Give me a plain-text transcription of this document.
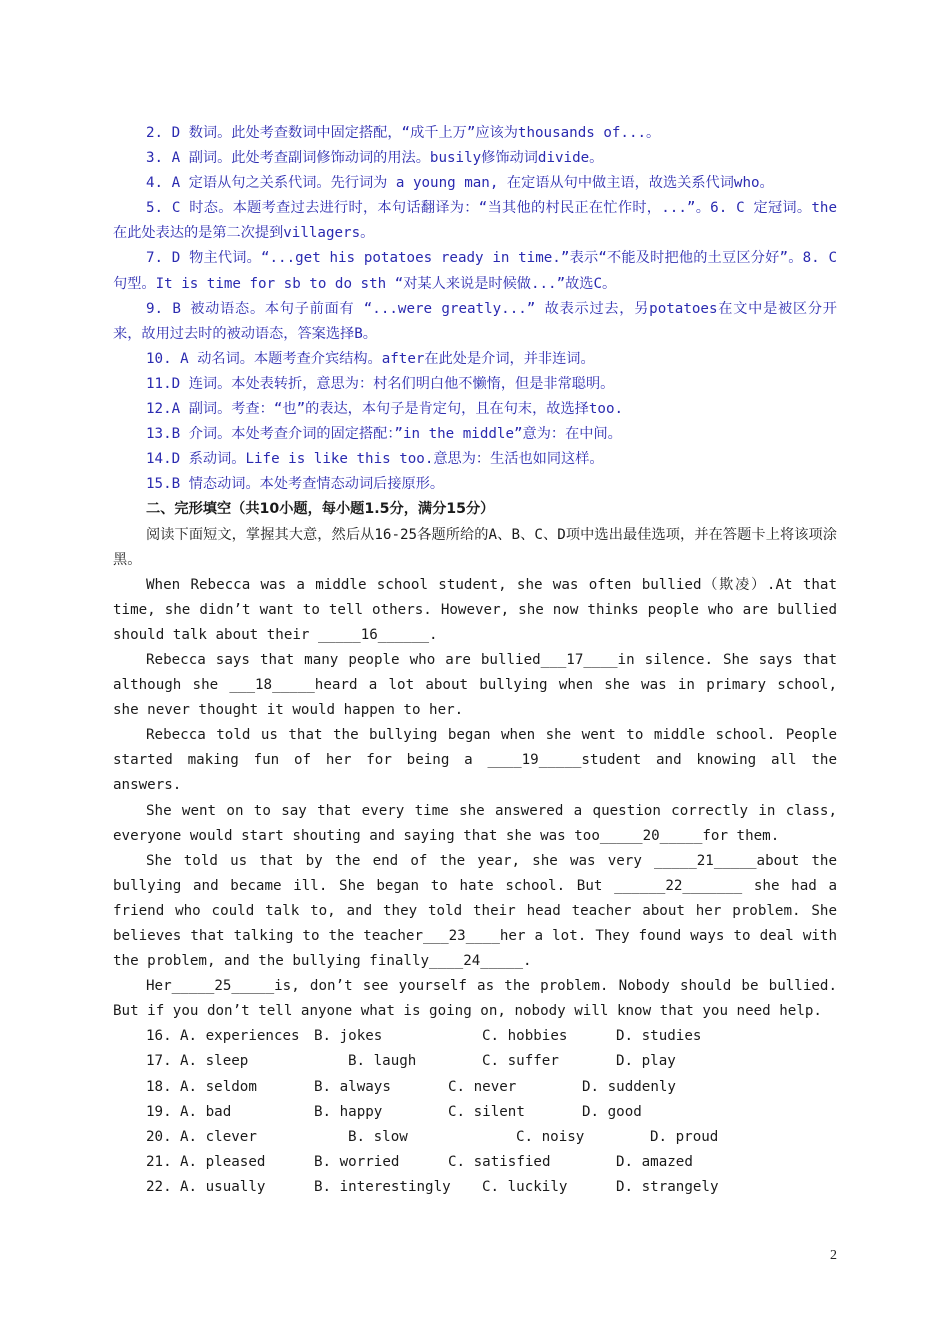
2. D 数词。此处考查数词中固定搭配，“成千上万”应该为thousands of...。

3. A 副词。此处考查副词修饰动词的用法。busily修饰动词divide。

4. A 定语从句之关系代词。先行词为 a young man, 在定语从句中做主语，故选关系代词who。

5. C 时态。本题考查过去进行时，本句话翻译为：“当其他的村民正在忙作时，...”。6. C 定冠词。the在此处表达的是第二次提到villagers。

7. D 物主代词。“...get his potatoes ready in time.”表示“不能及时把他的土豆区分好”。8. C 句型。It is time for sb to do sth “对某人来说是时候做...”故选C。

9. B 被动语态。本句子前面有 “...were greatly...” 故表示过去，另potatoes在文中是被区分开来，故用过去时的被动语态，答案选择B。

10. A 动名词。本题考查介宾结构。after在此处是介词，并非连词。

11.D 连词。本处表转折，意思为：村名们明白他不懒惰，但是非常聪明。

12.A 副词。考查：“也”的表达，本句子是肯定句，且在句末，故选择too.

13.B 介词。本处考查介词的固定搭配：”in the middle”意为：在中间。

14.D 系动词。Life is like this too.意思为：生活也如同这样。

15.B 情态动词。本处考查情态动词后接原形。

二、完形填空（共10小题，每小题1.5分，满分15分）

阅读下面短文，掌握其大意，然后从16-25各题所给的A、B、C、D项中选出最佳选项，并在答题卡上将该项涂黑。

When Rebecca was a middle school student, she was often bullied（欺凌）.At that time, she didn’t want to tell others. However, she now thinks people who are bullied should talk about their _____16______.

Rebecca says that many people who are bullied___17____in silence. She says that although she ___18_____heard a lot about bullying when she was in primary school, she never thought it would happen to her.

Rebecca told us that the bullying began when she went to middle school. People started making fun of her for being a ____19_____student and knowing all the answers.

She went on to say that every time she answered a question correctly in class, everyone would start shouting and saying that she was too_____20_____for them.

She told us that by the end of the year, she was very _____21_____about the bullying and became ill. She began to hate school. But ______22_______ she had a friend who could talk to, and they told their head teacher about her problem. She believes that talking to the teacher___23____her a lot. They found ways to deal with the problem, and the bullying finally____24_____.

Her_____25_____is, don’t see yourself as the problem. Nobody should be bullied. But if you don’t tell anyone what is going on, nobody will know that you need help.

16. A. experiences	B. jokes	C. hobbies	D. studies
17. A. sleep	B. laugh	C. suffer	D. play
18. A. seldom	B. always	C. never	D. suddenly
19. A. bad	B. happy	C. silent	D. good
20. A. clever	B. slow	C. noisy	D. proud
21. A. pleased	B. worried	C. satisfied	D. amazed
22. A. usually	B. interestingly	C. luckily	D. strangely
2
